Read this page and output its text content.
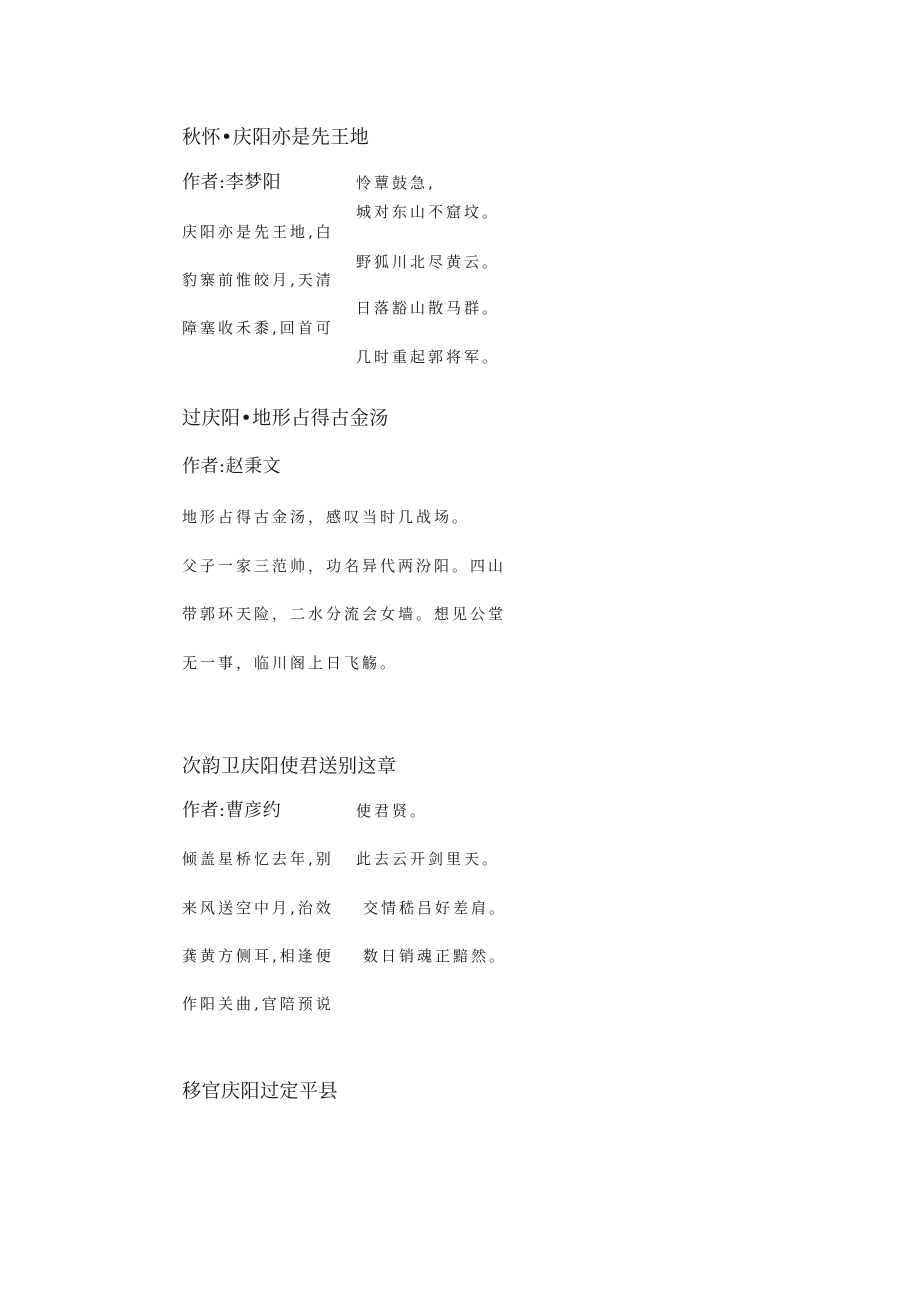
秋怀•庆阳亦是先王地
作者:李梦阳	怜蕈鼓急,
城对东山不窟坟。
庆阳亦是先王地,白
野狐川北尽黄云。
豹寨前惟皎月,天清
日落豁山散马群。
障塞收禾黍,回首可
几时重起郭将军。
过庆阳•地形占得古金汤
作者:赵秉文
地形占得古金汤，感叹当时几战场。
父子一家三范帅，功名异代两汾阳。四山
带郭环天险，二水分流会女墙。想见公堂
无一事，临川阁上日飞觞。
次韵卫庆阳使君送别这章
作者:曹彦约	使君贤。
倾盖星桥忆去年,别 此去云开剑里天。
来风送空中月,治效 交情嵇吕好差肩。
龚黄方侧耳,相逢便 数日销魂正黯然。
作阳关曲,官陪预说
移官庆阳过定平县
